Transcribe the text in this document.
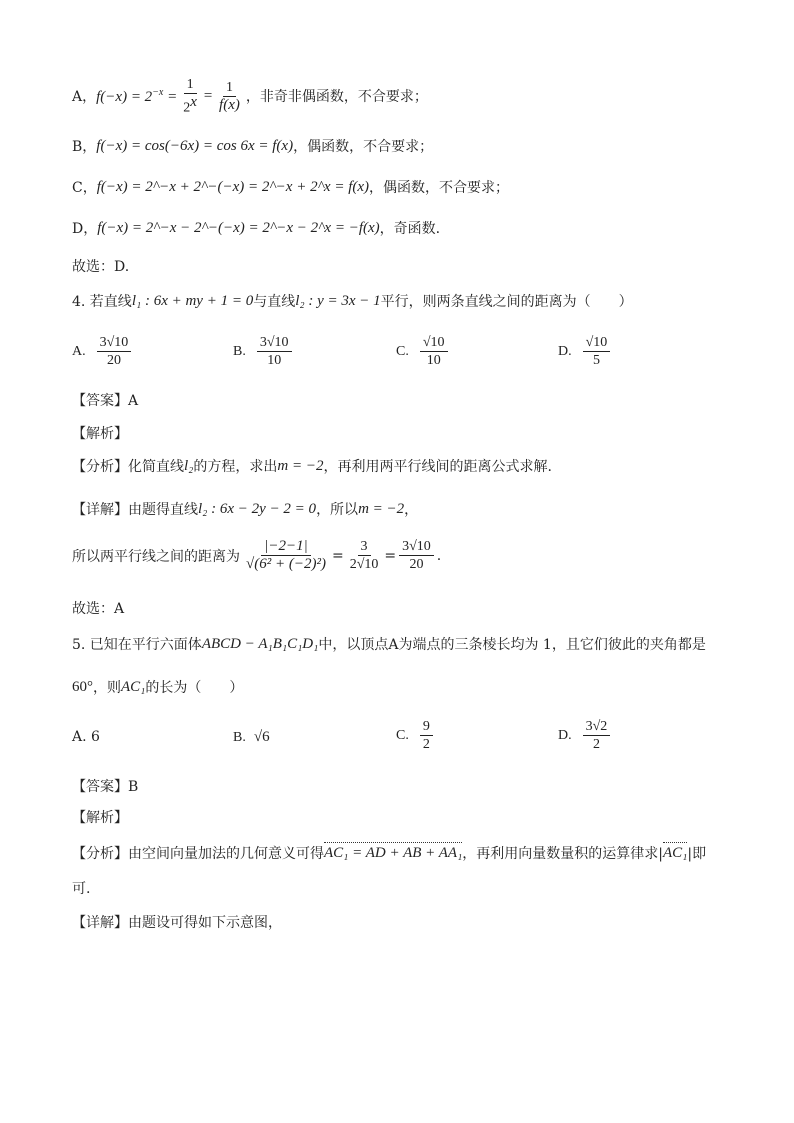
A， $f(-x) = 2^{-x} = \frac{1}{2^x} = \frac{1}{f(x)}$ ，非奇非偶函数，不合要求；
B， f(−x) = cos(−6x) = cos 6x = f(x) ，偶函数，不合要求；
C， f(−x) = 2^−x + 2^−(−x) = 2^−x + 2^x = f(x) ，偶函数，不合要求；
D， f(−x) = 2^−x − 2^−(−x) = 2^−x − 2^x = −f(x) ，奇函数.
故选：D.
4. 若直线 l₁ : 6x + my + 1 = 0 与直线 l₂ : y = 3x − 1 平行，则两条直线之间的距离为（　　）
A. $\frac{3√10}{20}$	B. $\frac{3√10}{10}$	C. $\frac{√10}{10}$	D. $\frac{√10}{5}$
【答案】A
【解析】
【分析】化简直线 l₂ 的方程，求出 m = −2 ，再利用两平行线间的距离公式求解.
【详解】由题得直线 l₂ : 6x − 2y − 2 = 0 ，所以 m = −2 ，
所以两平行线之间的距离为 $\frac{|-2-1|}{\text{√(6² + (−2)²)}} = \frac{3}{2√10} = \frac{3√10}{20}$ .
故选：A
5. 已知在平行六面体 ABCD − A₁B₁C₁D₁ 中，以顶点A为端点的三条棱长均为 1，且它们彼此的夹角都是
60° ，则 AC₁ 的长为（　　）
A. 6	B. √6	C. $\frac{9}{2}$	D. $\frac{3√2}{2}$
【答案】B
【解析】
【分析】由空间向量加法的几何意义可得 AC₁ = AD + AB + AA₁ ，再利用向量数量积的运算律求| AC₁ |即
可.
【详解】由题设可得如下示意图，
